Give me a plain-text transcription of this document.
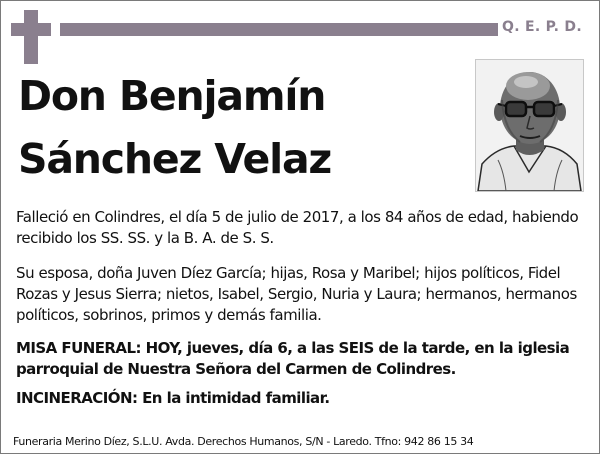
Q. E. P. D.
Don Benjamín
Sánchez Velaz
Falleció en Colindres, el día 5 de julio de 2017, a los 84 años de edad, habiendo recibido los SS. SS. y la B. A. de S. S.
Su esposa, doña Juven Díez García; hijas, Rosa y Maribel; hijos políticos, Fidel Rozas y Jesus Sierra; nietos, Isabel, Sergio, Nuria y Laura; hermanos, hermanos políticos, sobrinos, primos y demás familia.
MISA FUNERAL: HOY, jueves, día 6, a las SEIS de la tarde, en la iglesia parroquial de Nuestra Señora del Carmen de Colindres.
INCINERACIÓN: En la intimidad familiar.
Funeraria Merino Díez, S.L.U. Avda. Derechos Humanos, S/N - Laredo. Tfno: 942 86 15 34
